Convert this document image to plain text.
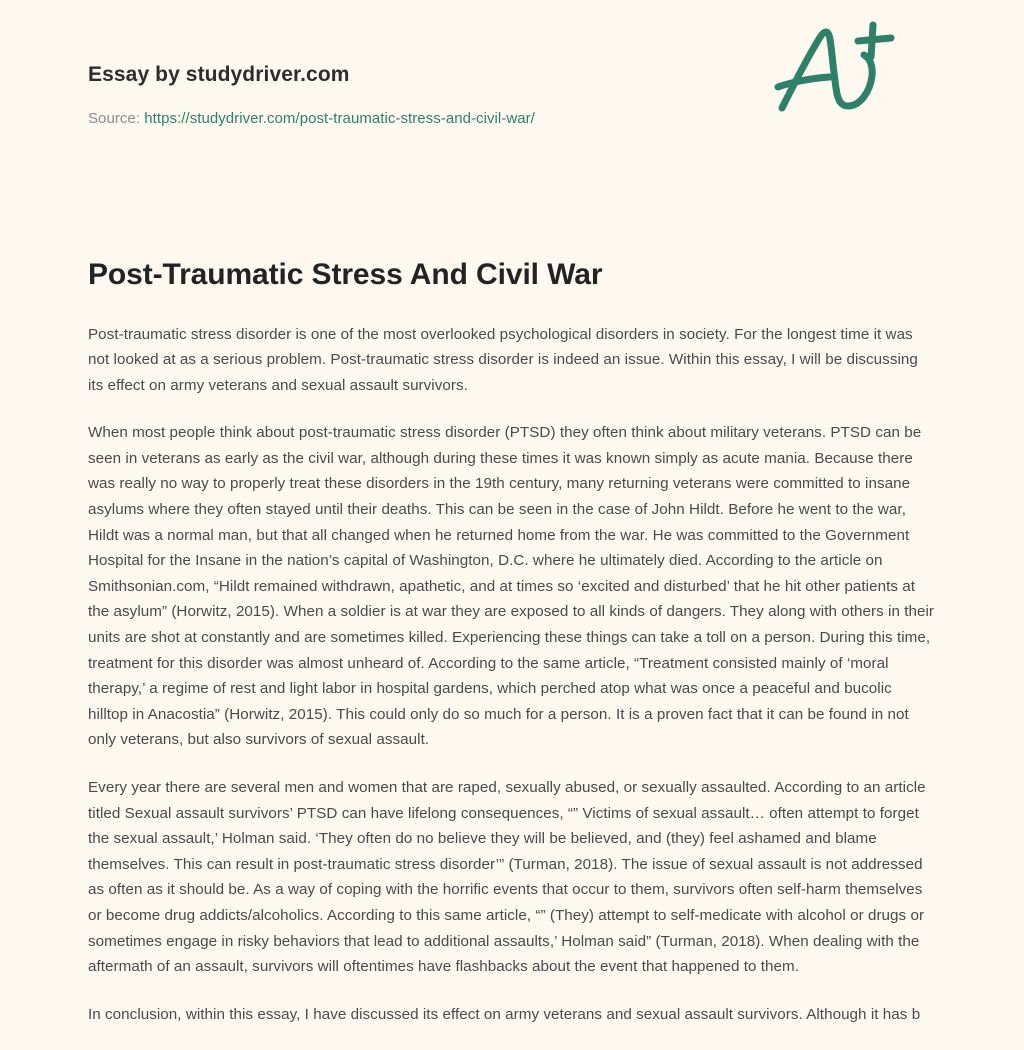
Essay by studydriver.com
Source: https://studydriver.com/post-traumatic-stress-and-civil-war/
Post-Traumatic Stress And Civil War

Post-traumatic stress disorder is one of the most overlooked psychological disorders in society. For the longest time it was not looked at as a serious problem. Post-traumatic stress disorder is indeed an issue. Within this essay, I will be discussing its effect on army veterans and sexual assault survivors.

When most people think about post-traumatic stress disorder (PTSD) they often think about military veterans. PTSD can be seen in veterans as early as the civil war, although during these times it was known simply as acute mania. Because there was really no way to properly treat these disorders in the 19th century, many returning veterans were committed to insane asylums where they often stayed until their deaths. This can be seen in the case of John Hildt. Before he went to the war, Hildt was a normal man, but that all changed when he returned home from the war. He was committed to the Government Hospital for the Insane in the nation’s capital of Washington, D.C. where he ultimately died. According to the article on Smithsonian.com, “Hildt remained withdrawn, apathetic, and at times so ‘excited and disturbed’ that he hit other patients at the asylum” (Horwitz, 2015). When a soldier is at war they are exposed to all kinds of dangers. They along with others in their units are shot at constantly and are sometimes killed. Experiencing these things can take a toll on a person. During this time, treatment for this disorder was almost unheard of. According to the same article, “Treatment consisted mainly of ‘moral therapy,’ a regime of rest and light labor in hospital gardens, which perched atop what was once a peaceful and bucolic hilltop in Anacostia” (Horwitz, 2015). This could only do so much for a person. It is a proven fact that it can be found in not only veterans, but also survivors of sexual assault.

Every year there are several men and women that are raped, sexually abused, or sexually assaulted. According to an article titled Sexual assault survivors’ PTSD can have lifelong consequences, “” Victims of sexual assault… often attempt to forget the sexual assault,’ Holman said. ‘They often do no believe they will be believed, and (they) feel ashamed and blame themselves. This can result in post-traumatic stress disorder’” (Turman, 2018). The issue of sexual assault is not addressed as often as it should be. As a way of coping with the horrific events that occur to them, survivors often self-harm themselves or become drug addicts/alcoholics. According to this same article, “” (They) attempt to self-medicate with alcohol or drugs or sometimes engage in risky behaviors that lead to additional assaults,’ Holman said” (Turman, 2018). When dealing with the aftermath of an assault, survivors will oftentimes have flashbacks about the event that happened to them.

In conclusion, within this essay, I have discussed its effect on army veterans and sexual assault survivors. Although it has b
